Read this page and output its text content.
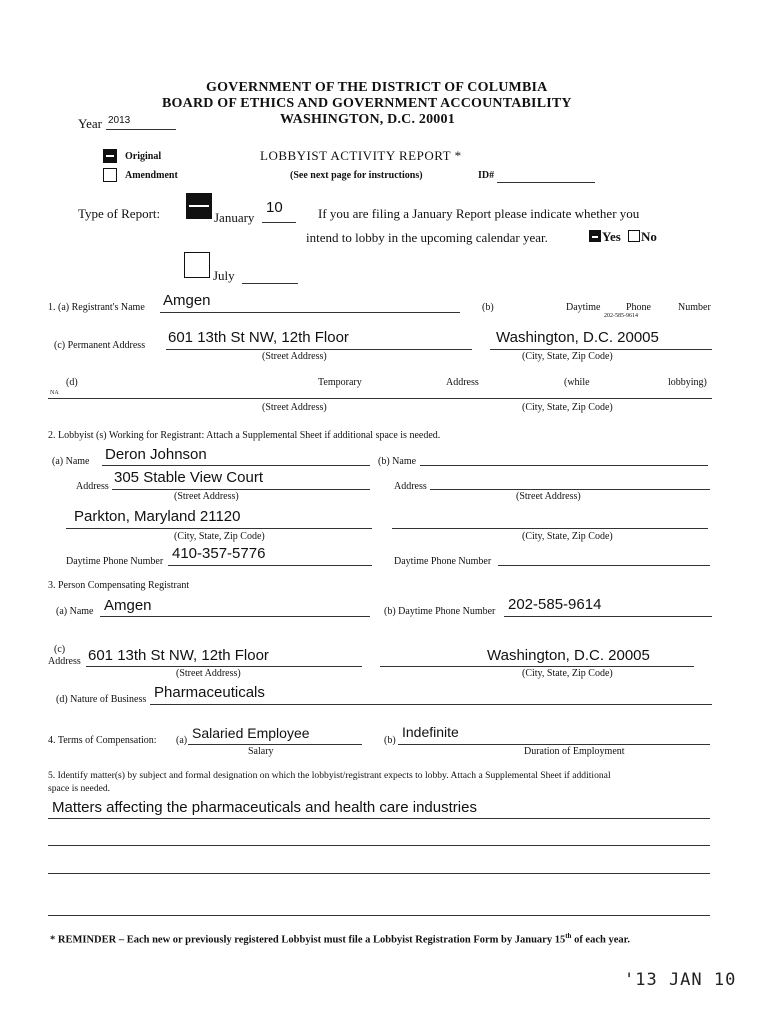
GOVERNMENT OF THE DISTRICT OF COLUMBIA
BOARD OF ETHICS AND GOVERNMENT ACCOUNTABILITY
WASHINGTON, D.C. 20001
Year 2013
Original
Amendment
LOBBYIST ACTIVITY REPORT *
(See next page for instructions)	ID#
Type of Report:	January
10	If you are filing a January Report please indicate whether you
intend to lobby in the upcoming calendar year.	Yes No
July
1. (a) Registrant's Name Amgen	(b)	Daytime	Phone	Number
202-585-9614
(c) Permanent Address 601 13th St NW, 12th Floor	Washington, D.C. 20005
(Street Address)	(City, State, Zip Code)
(d)	Temporary	Address	(while	lobbying)
NA
(Street Address)	(City, State, Zip Code)
2. Lobbyist (s) Working for Registrant: Attach a Supplemental Sheet if additional space is needed.
(a) Name Deron Johnson	(b) Name
Address
305 Stable View Court
Address
(Street Address)	(Street Address)
Parkton, Maryland 21120
(City, State, Zip Code)	(City, State, Zip Code)
Daytime Phone Number 410-357-5776	Daytime Phone Number
3. Person Compensating Registrant
(a) Name Amgen	(b) Daytime Phone Number 202-585-9614
(c)
Address 601 13th St NW, 12th Floor	Washington, D.C. 20005
(Street Address)	(City, State, Zip Code)
(d) Nature of Business Pharmaceuticals
4. Terms of Compensation: (a) Salaried Employee
Salary
(b)
Indefinite
Duration of Employment
5. Identify matter(s) by subject and formal designation on which the lobbyist/registrant expects to lobby. Attach a Supplemental Sheet if additional
space is needed.
Matters affecting the pharmaceuticals and health care industries
* REMINDER – Each new or previously registered Lobbyist must file a Lobbyist Registration Form by January 15th of each year.
'13 JAN 10
